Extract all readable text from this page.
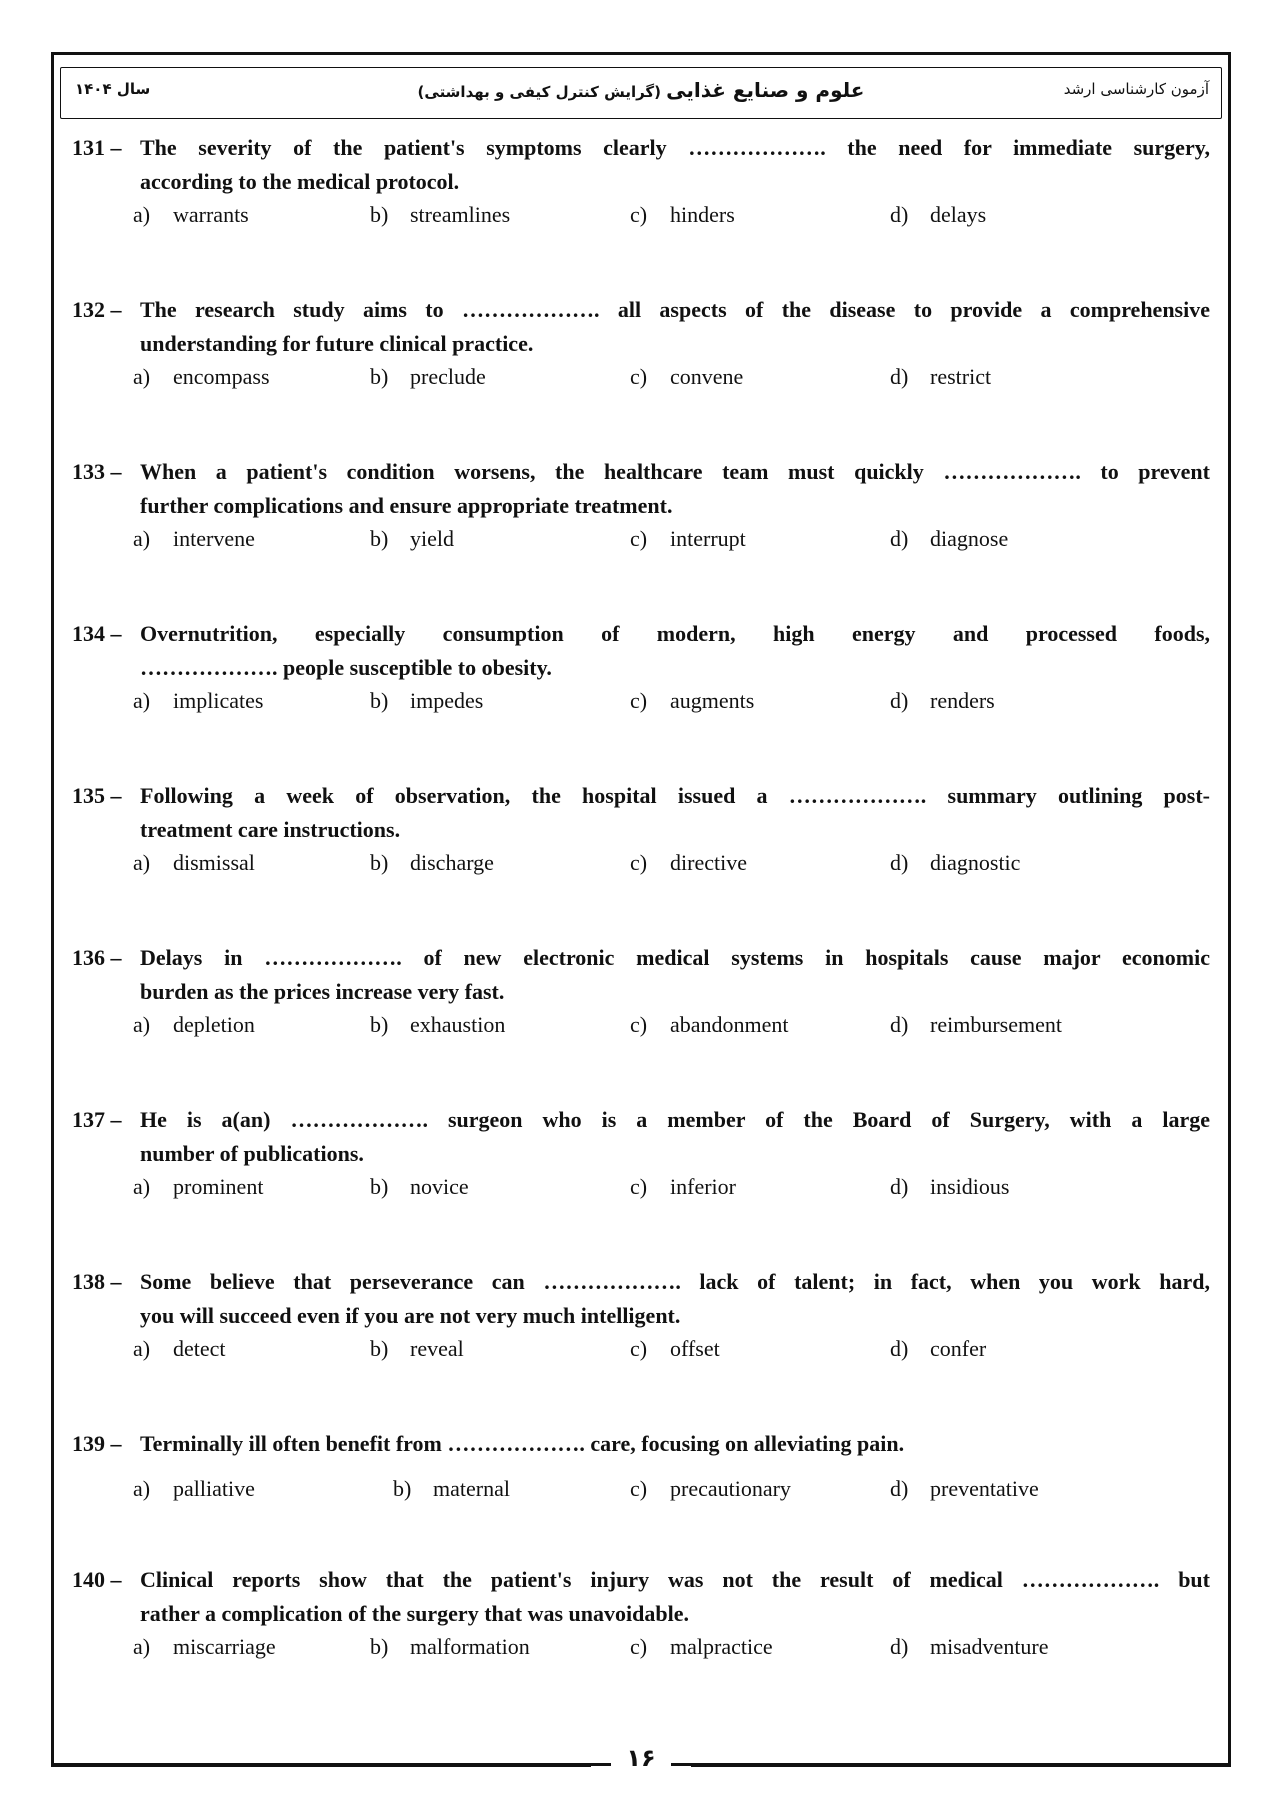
آزمون کارشناسی ارشد
علوم و صنایع غذایی (گرایش کنترل کیفی و بهداشتی)
سال ۱۴۰۴
131 ‒ The severity of the patient's symptoms clearly ………………. the need for immediate surgery,
according to the medical protocol.
a) warrants	b) streamlines	c) hinders	d) delays
132 ‒The research study aims to ………………. all aspects of the disease to provide a comprehensive
understanding for future clinical practice.
a) encompass	b) preclude	c) convene	d) restrict
133 ‒ When a patient's condition worsens, the healthcare team must quickly ………………. to prevent
further complications and ensure appropriate treatment.
a) intervene	b) yield	c) interrupt	d) diagnose
134 ‒ Overnutrition, especially consumption of modern, high energy and processed foods,
………………. people susceptible to obesity.
a) implicates	b) impedes	c) augments	d) renders
135 ‒Following a week of observation, the hospital issued a ………………. summary outlining post-
treatment care instructions.
a) dismissal	b) discharge	c) directive	d) diagnostic
136 ‒ Delays in ………………. of new electronic medical systems in hospitals cause major economic
burden as the prices increase very fast.
a) depletion	b) exhaustion	c) abandonment	d) reimbursement
137 ‒ He is a(an) ………………. surgeon who is a member of the Board of Surgery, with a large
number of publications.
a) prominent	b) novice	c) inferior	d) insidious
138 ‒ Some believe that perseverance can ………………. lack of talent; in fact, when you work hard,
you will succeed even if you are not very much intelligent.
a) detect	b) reveal	c) offset	d) confer
139 ‒ Terminally ill often benefit from ………………. care, focusing on alleviating pain.
a) palliative	b) maternal	c) precautionary	d) preventative
140 ‒ Clinical reports show that the patient's injury was not the result of medical ………………. but
rather a complication of the surgery that was unavoidable.
a) miscarriage	b) malformation	c) malpractice	d) misadventure
۱۶
